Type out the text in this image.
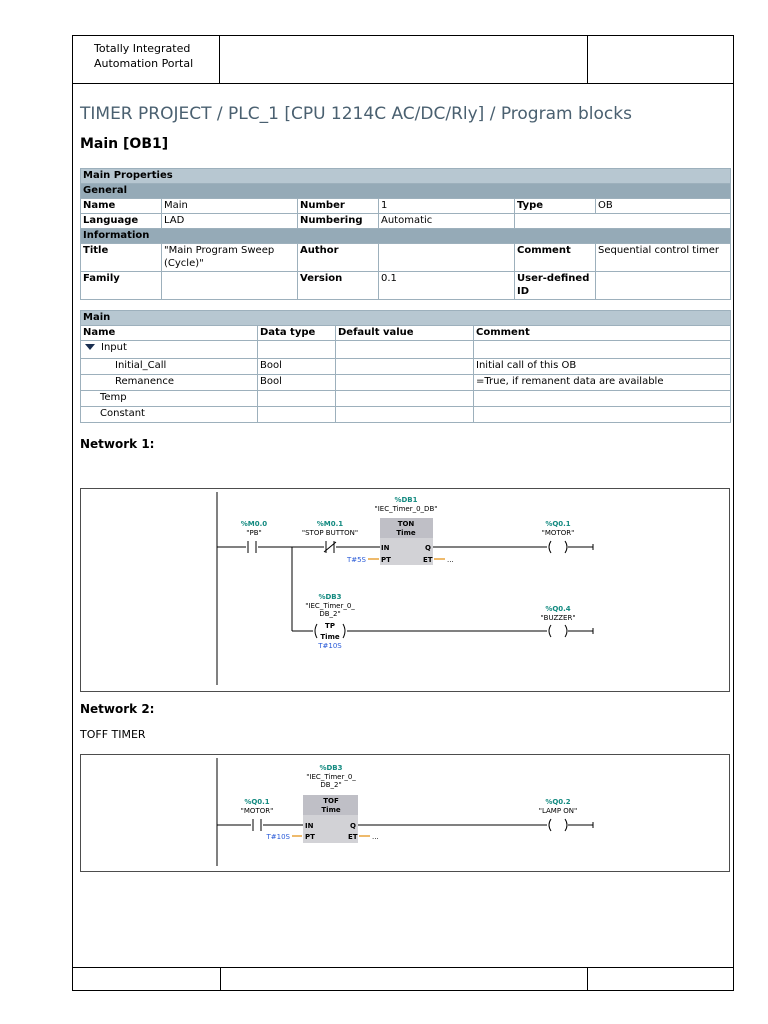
Totally Integrated
Automation Portal
TIMER PROJECT / PLC_1 [CPU 1214C AC/DC/Rly] / Program blocks
Main [OB1]
Main Properties					
General					
Name	Main	Number	1	Type	OB
Language	LAD	Numbering	Automatic		
Information					
Title	"Main Program Sweep (Cycle)"	Author		Comment	Sequential control timer
Family		Version	0.1	User-defined ID	
Main			
Name	Data type	Default value	Comment
Input			
Initial_Call	Bool		Initial call of this OB
Remanence	Bool		=True, if remanent data are available
Temp			
Constant			
Network 1:
%M0.0
"PB"
%M0.1
"STOP BUTTON"
%DB1
"IEC_Timer_0_DB"
TON
Time
IN	Q
PT	ET
T#5S	...
%Q0.1
"MOTOR"
%DB3
"IEC_Timer_0_
DB_2"
TP
Time
T#10S
%Q0.4
"BUZZER"
Network 2:
TOFF TIMER
%Q0.1
"MOTOR"
%DB3
"IEC_Timer_0_
DB_2"
TOF
Time
IN	Q
PT	ET
T#10S	...
%Q0.2
"LAMP ON"
